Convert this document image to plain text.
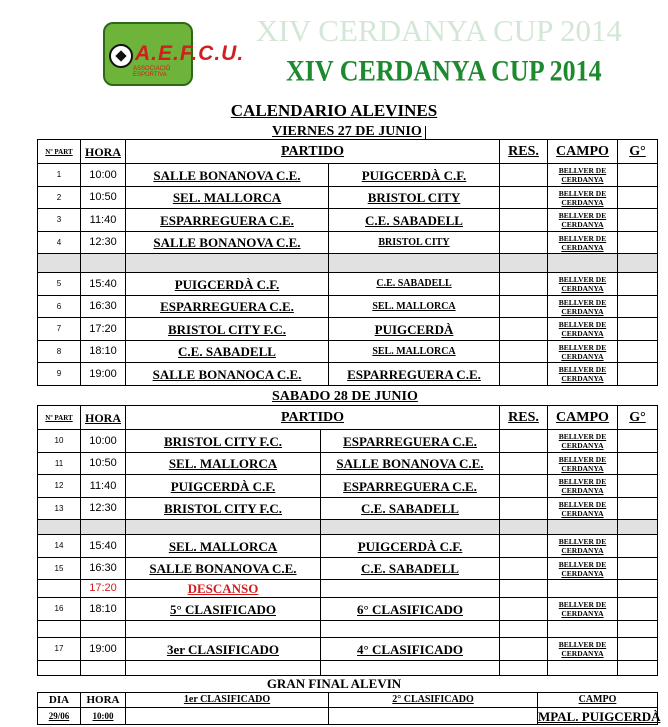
A.E.F.C.U.
ASSOCIACIÓ ESPORTIVA
XIV CERDANYA CUP 2014
XIV CERDANYA CUP 2014
CALENDARIO ALEVINES
VIERNES 27 DE JUNIO
Nº PART	HORA	PARTIDO		RES.	CAMPO	G°
1	10:00	SALLE BONANOVA C.E.	PUIGCERDÀ C.F.		BELLVER DE CERDANYA	
2	10:50	SEL. MALLORCA	BRISTOL CITY		BELLVER DE CERDANYA	
3	11:40	ESPARREGUERA C.E.	C.E. SABADELL		BELLVER DE CERDANYA	
4	12:30	SALLE BONANOVA C.E.	BRISTOL CITY		BELLVER DE CERDANYA	

5	15:40	PUIGCERDÀ C.F.	C.E. SABADELL		BELLVER DE CERDANYA	
6	16:30	ESPARREGUERA C.E.	SEL. MALLORCA		BELLVER DE CERDANYA	
7	17:20	BRISTOL CITY F.C.	PUIGCERDÀ		BELLVER DE CERDANYA	
8	18:10	C.E. SABADELL	SEL. MALLORCA		BELLVER DE CERDANYA	
9	19:00	SALLE BONANOCA C.E.	ESPARREGUERA C.E.		BELLVER DE CERDANYA	
SABADO 28 DE JUNIO
Nº PART	HORA	PARTIDO		RES.	CAMPO	G°
10	10:00	BRISTOL CITY F.C.	ESPARREGUERA C.E.		BELLVER DE CERDANYA	
11	10:50	SEL. MALLORCA	SALLE BONANOVA C.E.		BELLVER DE CERDANYA	
12	11:40	PUIGCERDÀ C.F.	ESPARREGUERA C.E.		BELLVER DE CERDANYA	
13	12:30	BRISTOL CITY F.C.	C.E. SABADELL		BELLVER DE CERDANYA	

14	15:40	SEL. MALLORCA	PUIGCERDÀ C.F.		BELLVER DE CERDANYA	
15	16:30	SALLE BONANOVA C.E.	C.E. SABADELL		BELLVER DE CERDANYA	
	17:20	DESCANSO				
16	18:10	5° CLASIFICADO	6° CLASIFICADO		BELLVER DE CERDANYA	

17	19:00	3er CLASIFICADO	4° CLASIFICADO		BELLVER DE CERDANYA	

GRAN FINAL ALEVIN
DIA	HORA	1er CLASIFICADO	2° CLASIFICADO	CAMPO
29/06	10:00			MPAL. PUIGCERDÀ
